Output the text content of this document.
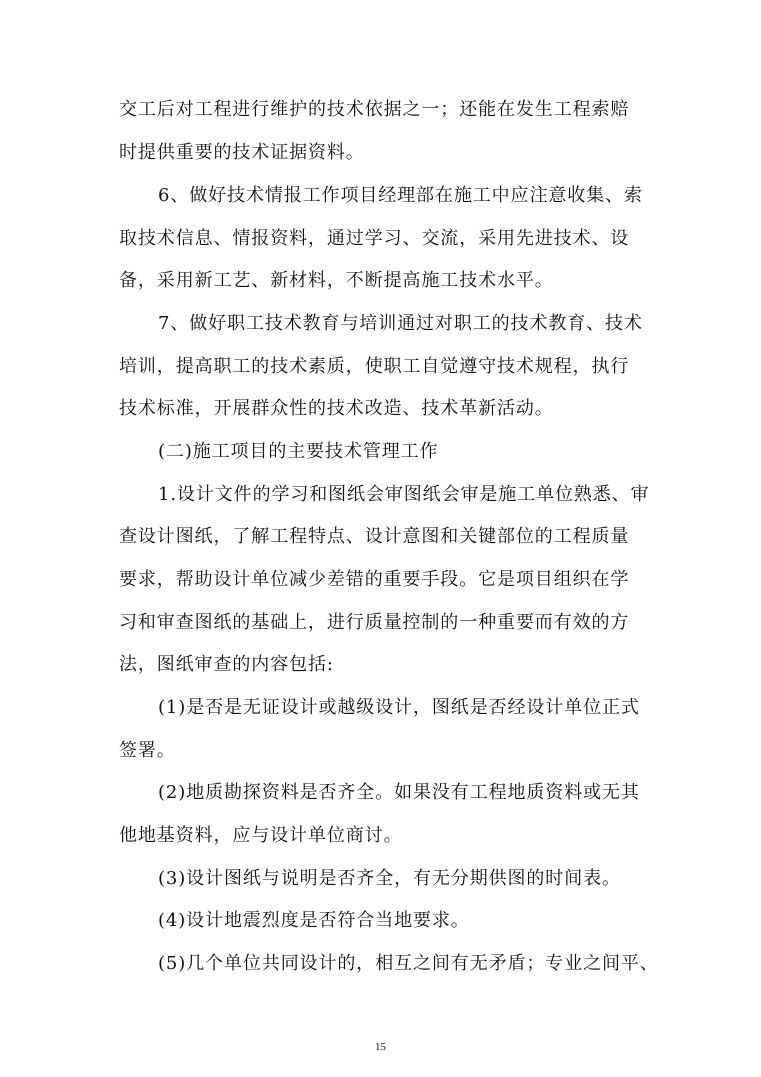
交工后对工程进行维护的技术依据之一；还能在发生工程索赔
时提供重要的技术证据资料。
6、做好技术情报工作项目经理部在施工中应注意收集、索
取技术信息、情报资料，通过学习、交流，采用先进技术、设
备，采用新工艺、新材料，不断提高施工技术水平。
7、做好职工技术教育与培训通过对职工的技术教育、技术
培训，提高职工的技术素质，使职工自觉遵守技术规程，执行
技术标准，开展群众性的技术改造、技术革新活动。
(二)施工项目的主要技术管理工作
1.设计文件的学习和图纸会审图纸会审是施工单位熟悉、审
查设计图纸，了解工程特点、设计意图和关键部位的工程质量
要求，帮助设计单位减少差错的重要手段。它是项目组织在学
习和审查图纸的基础上，进行质量控制的一种重要而有效的方
法，图纸审查的内容包括:
(1)是否是无证设计或越级设计，图纸是否经设计单位正式
签署。
(2)地质勘探资料是否齐全。如果没有工程地质资料或无其
他地基资料，应与设计单位商讨。
(3)设计图纸与说明是否齐全，有无分期供图的时间表。
(4)设计地震烈度是否符合当地要求。
(5)几个单位共同设计的，相互之间有无矛盾；专业之间平、
15
